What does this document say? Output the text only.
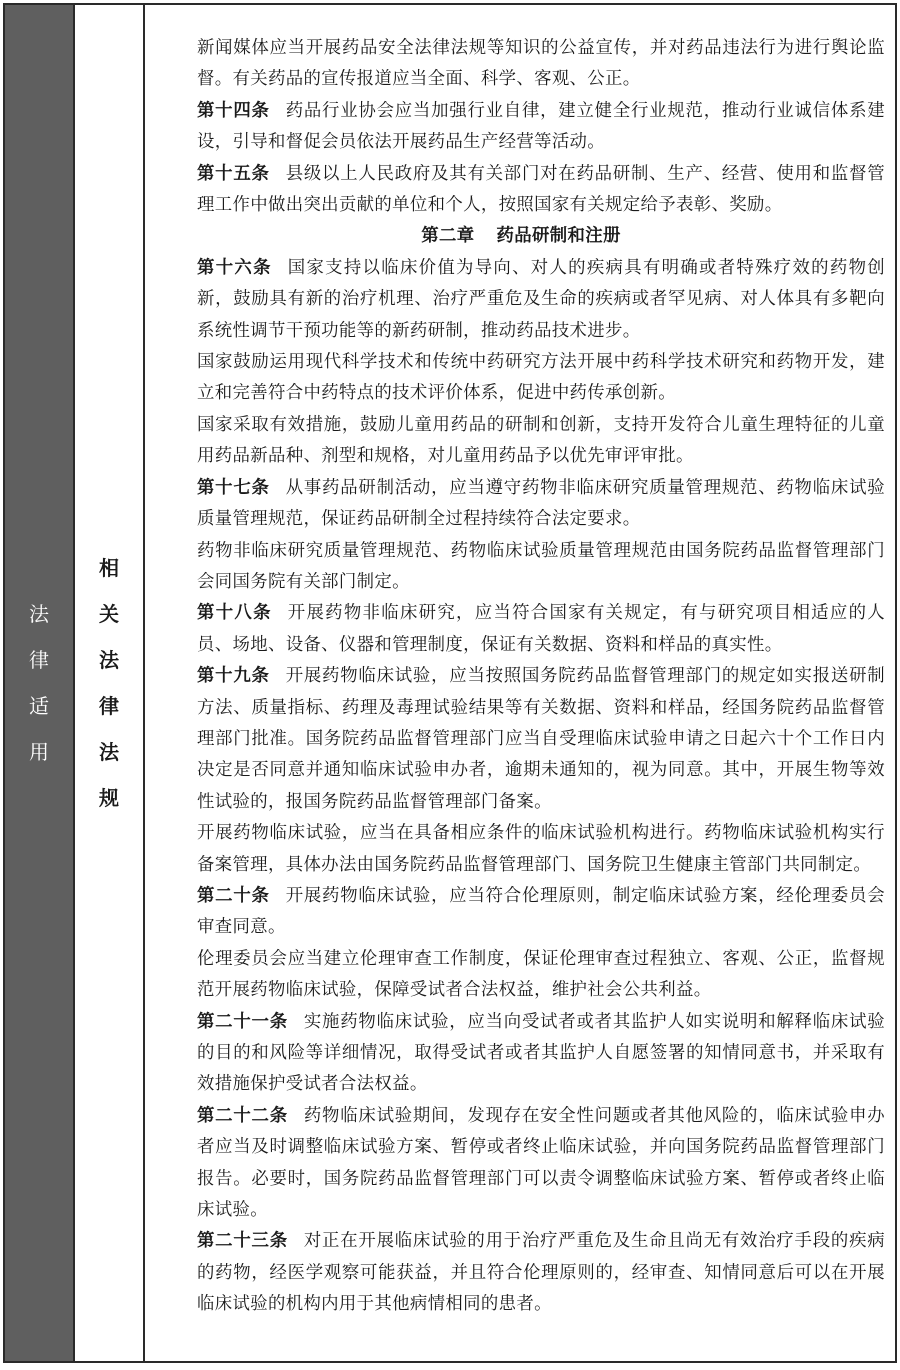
法
律
适
用
相
关
法
律
法
规

新闻媒体应当开展药品安全法律法规等知识的公益宣传，并对药品违法行为进行舆论监督。有关药品的宣传报道应当全面、科学、客观、公正。

第十四条 药品行业协会应当加强行业自律，建立健全行业规范，推动行业诚信体系建设，引导和督促会员依法开展药品生产经营等活动。

第十五条 县级以上人民政府及其有关部门对在药品研制、生产、经营、使用和监督管理工作中做出突出贡献的单位和个人，按照国家有关规定给予表彰、奖励。

第二章 药品研制和注册

第十六条 国家支持以临床价值为导向、对人的疾病具有明确或者特殊疗效的药物创新，鼓励具有新的治疗机理、治疗严重危及生命的疾病或者罕见病、对人体具有多靶向系统性调节干预功能等的新药研制，推动药品技术进步。

国家鼓励运用现代科学技术和传统中药研究方法开展中药科学技术研究和药物开发，建立和完善符合中药特点的技术评价体系，促进中药传承创新。

国家采取有效措施，鼓励儿童用药品的研制和创新，支持开发符合儿童生理特征的儿童用药品新品种、剂型和规格，对儿童用药品予以优先审评审批。

第十七条 从事药品研制活动，应当遵守药物非临床研究质量管理规范、药物临床试验质量管理规范，保证药品研制全过程持续符合法定要求。

药物非临床研究质量管理规范、药物临床试验质量管理规范由国务院药品监督管理部门会同国务院有关部门制定。

第十八条 开展药物非临床研究，应当符合国家有关规定，有与研究项目相适应的人员、场地、设备、仪器和管理制度，保证有关数据、资料和样品的真实性。

第十九条 开展药物临床试验，应当按照国务院药品监督管理部门的规定如实报送研制方法、质量指标、药理及毒理试验结果等有关数据、资料和样品，经国务院药品监督管理部门批准。国务院药品监督管理部门应当自受理临床试验申请之日起六十个工作日内决定是否同意并通知临床试验申办者，逾期未通知的，视为同意。其中，开展生物等效性试验的，报国务院药品监督管理部门备案。

开展药物临床试验，应当在具备相应条件的临床试验机构进行。药物临床试验机构实行备案管理，具体办法由国务院药品监督管理部门、国务院卫生健康主管部门共同制定。

第二十条 开展药物临床试验，应当符合伦理原则，制定临床试验方案，经伦理委员会审查同意。

伦理委员会应当建立伦理审查工作制度，保证伦理审查过程独立、客观、公正，监督规范开展药物临床试验，保障受试者合法权益，维护社会公共利益。

第二十一条 实施药物临床试验，应当向受试者或者其监护人如实说明和解释临床试验的目的和风险等详细情况，取得受试者或者其监护人自愿签署的知情同意书，并采取有效措施保护受试者合法权益。

第二十二条 药物临床试验期间，发现存在安全性问题或者其他风险的，临床试验申办者应当及时调整临床试验方案、暂停或者终止临床试验，并向国务院药品监督管理部门报告。必要时，国务院药品监督管理部门可以责令调整临床试验方案、暂停或者终止临床试验。

第二十三条 对正在开展临床试验的用于治疗严重危及生命且尚无有效治疗手段的疾病的药物，经医学观察可能获益，并且符合伦理原则的，经审查、知情同意后可以在开展临床试验的机构内用于其他病情相同的患者。
